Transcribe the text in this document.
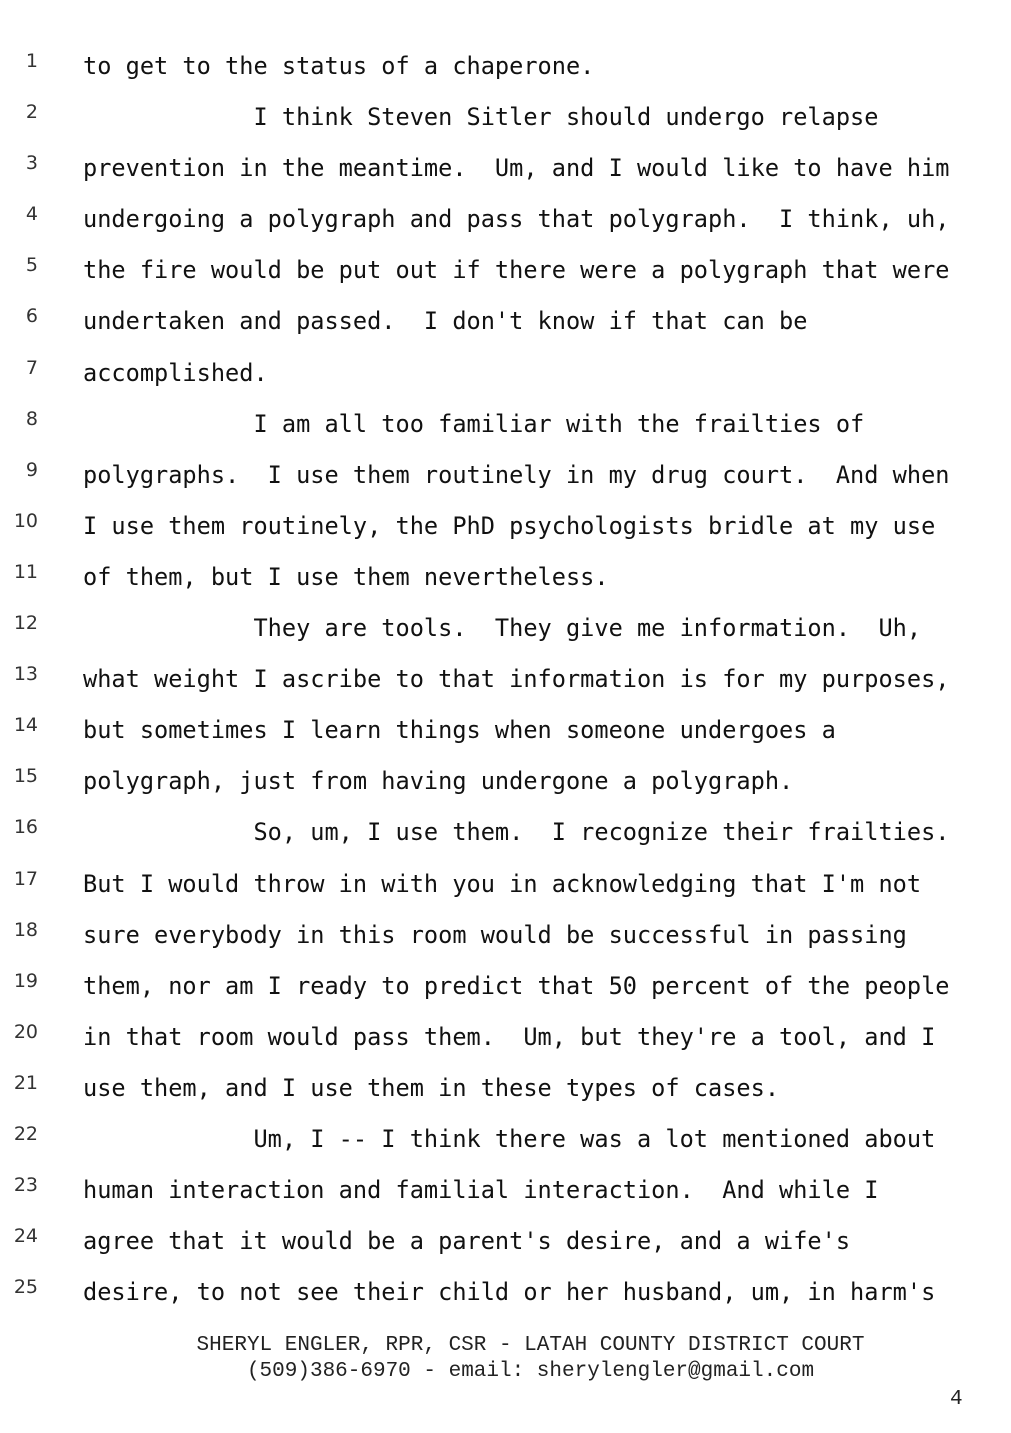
1 to get to the status of a chaperone.
2 I think Steven Sitler should undergo relapse
3 prevention in the meantime.  Um, and I would like to have him
4 undergoing a polygraph and pass that polygraph.  I think, uh,
5 the fire would be put out if there were a polygraph that were
6 undertaken and passed.  I don't know if that can be
7 accomplished.
8 I am all too familiar with the frailties of
9 polygraphs.  I use them routinely in my drug court.  And when
10 I use them routinely, the PhD psychologists bridle at my use
11 of them, but I use them nevertheless.
12 They are tools.  They give me information.  Uh,
13 what weight I ascribe to that information is for my purposes,
14 but sometimes I learn things when someone undergoes a
15 polygraph, just from having undergone a polygraph.
16 So, um, I use them.  I recognize their frailties.
17 But I would throw in with you in acknowledging that I'm not
18 sure everybody in this room would be successful in passing
19 them, nor am I ready to predict that 50 percent of the people
20 in that room would pass them.  Um, but they're a tool, and I
21 use them, and I use them in these types of cases.
22 Um, I -- I think there was a lot mentioned about
23 human interaction and familial interaction.  And while I
24 agree that it would be a parent's desire, and a wife's
25 desire, to not see their child or her husband, um, in harm's
SHERYL ENGLER, RPR, CSR - LATAH COUNTY DISTRICT COURT
(509)386-6970 - email: sherylengler@gmail.com
4
